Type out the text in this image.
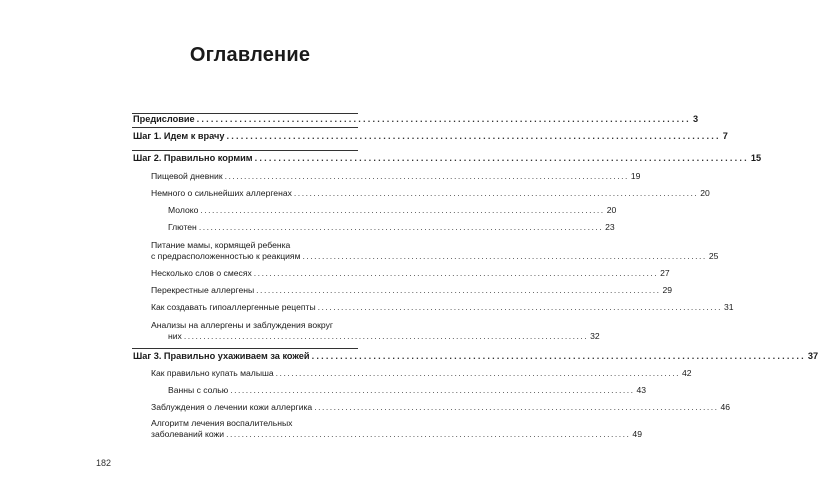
Оглавление
Предисловие ........................................................................................................ 3
Шаг 1. Идем к врачу ........................................................................................................ 7
Шаг 2. Правильно кормим ........................................................................................................ 15
Пищевой дневник ........................................................................................................ 19
Немного о сильнейших аллергенах ........................................................................................................ 20
Молоко ........................................................................................................ 20
Глютен ........................................................................................................ 23
Питание мамы, кормящей ребенка
с предрасположенностью к реакциям ........................................................................................................ 25
Несколько слов о смесях ........................................................................................................ 27
Перекрестные аллергены ........................................................................................................ 29
Как создавать гипоаллергенные рецепты ........................................................................................................ 31
Анализы на аллергены и заблуждения вокруг
них ........................................................................................................ 32
Шаг 3. Правильно ухаживаем за кожей ........................................................................................................ 37
Как правильно купать малыша ........................................................................................................ 42
Ванны с солью ........................................................................................................ 43
Заблуждения о лечении кожи аллергика ........................................................................................................ 46
Алгоритм лечения воспалительных
заболеваний кожи ........................................................................................................ 49
182
